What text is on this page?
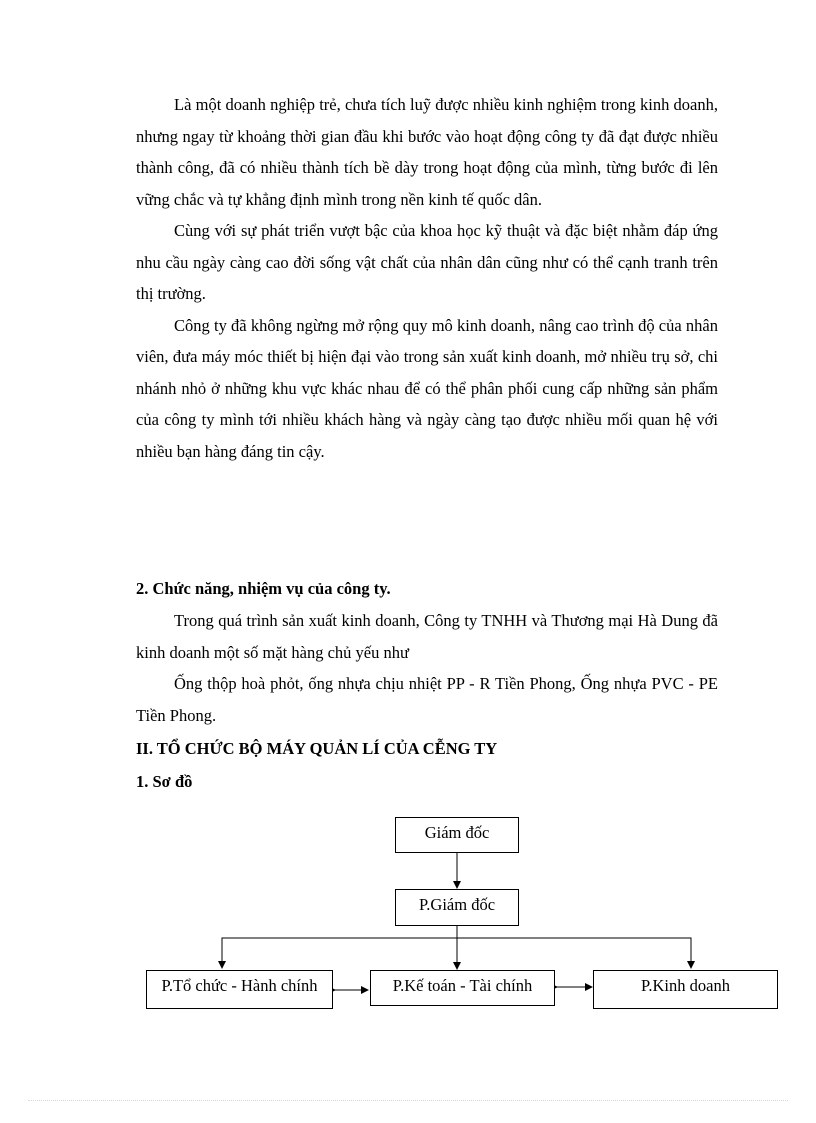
Là một doanh nghiệp trẻ, chưa tích luỹ được nhiều kinh nghiệm trong kinh doanh, nhưng ngay từ khoảng thời gian đầu khi bước vào hoạt động công ty đã đạt được nhiều thành công, đã có nhiều thành tích bề dày trong hoạt động của mình, từng bước đi lên vững chắc và tự khẳng định mình trong nền kinh tế quốc dân.

Cùng với sự phát triển vượt bậc của khoa học kỹ thuật và đặc biệt nhằm đáp ứng nhu cầu ngày càng cao đời sống vật chất của nhân dân cũng như có thể cạnh tranh trên thị trường.

Công ty đã không ngừng mở rộng quy mô kinh doanh, nâng cao trình độ của nhân viên, đưa máy móc thiết bị hiện đại vào trong sản xuất kinh doanh, mở nhiều trụ sở, chi nhánh nhỏ ở những khu vực khác nhau để có thể phân phối cung cấp những sản phẩm của công ty mình tới nhiều khách hàng và ngày càng tạo được nhiều mối quan hệ với nhiều bạn hàng đáng tin cậy.

2. Chức năng, nhiệm vụ của công ty.

Trong quá trình sản xuất kinh doanh, Công ty TNHH và Thương mại Hà Dung đã kinh doanh một số mặt hàng chủ yếu như

Ống thộp hoà phỏt, ống nhựa chịu nhiệt PP - R Tiền Phong, Ống nhựa PVC - PE Tiền Phong.

II. TỔ CHỨC BỘ MÁY QUẢN LÍ CỦA CỄNG TY
1. Sơ đồ
Giám đốc
P.Giám đốc
P.Tổ chức - Hành chính	P.Kế toán - Tài chính	P.Kinh doanh
